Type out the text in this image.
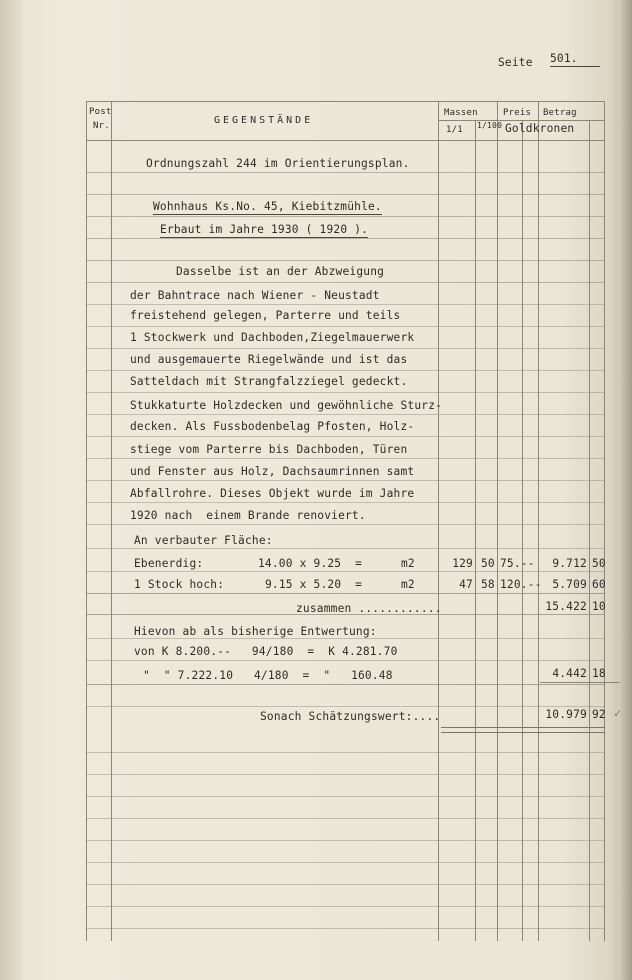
Seite 501.
Post
Nr.	GEGENSTÄNDE
Massen
1/1 1/100
Preis Betrag
Goldkronen
Ordnungszahl 244 im Orientierungsplan.
Wohnhaus Ks.No. 45, Kiebitzmühle.
Erbaut im Jahre 1930 ( 1920 ).
Dasselbe ist an der Abzweigung
der Bahntrace nach Wiener - Neustadt
freistehend gelegen, Parterre und teils
1 Stockwerk und Dachboden,Ziegelmauerwerk
und ausgemauerte Riegelwände und ist das
Satteldach mit Strangfalzziegel gedeckt.
Stukkaturte Holzdecken und gewöhnliche Sturz-
decken. Als Fussbodenbelag Pfosten, Holz-
stiege vom Parterre bis Dachboden, Türen
und Fenster aus Holz, Dachsaumrinnen samt
Abfallrohre. Dieses Objekt wurde im Jahre
1920 nach  einem Brande renoviert.
An verbauter Fläche:
Ebenerdig:	14.00 x 9.25  =	m2	129 50 75.--	9.712 50
1 Stock hoch:	9.15 x 5.20  =	m2	47 58 120.-- 5.709 60
zusammen ............	15.422 10
Hievon ab als bisherige Entwertung:
von K 8.200.--   94/180  =  K 4.281.70
"  " 7.222.10   4/180  =  "   160.48	4.442 18
Sonach Schätzungswert:....	10.979 92 ✓
